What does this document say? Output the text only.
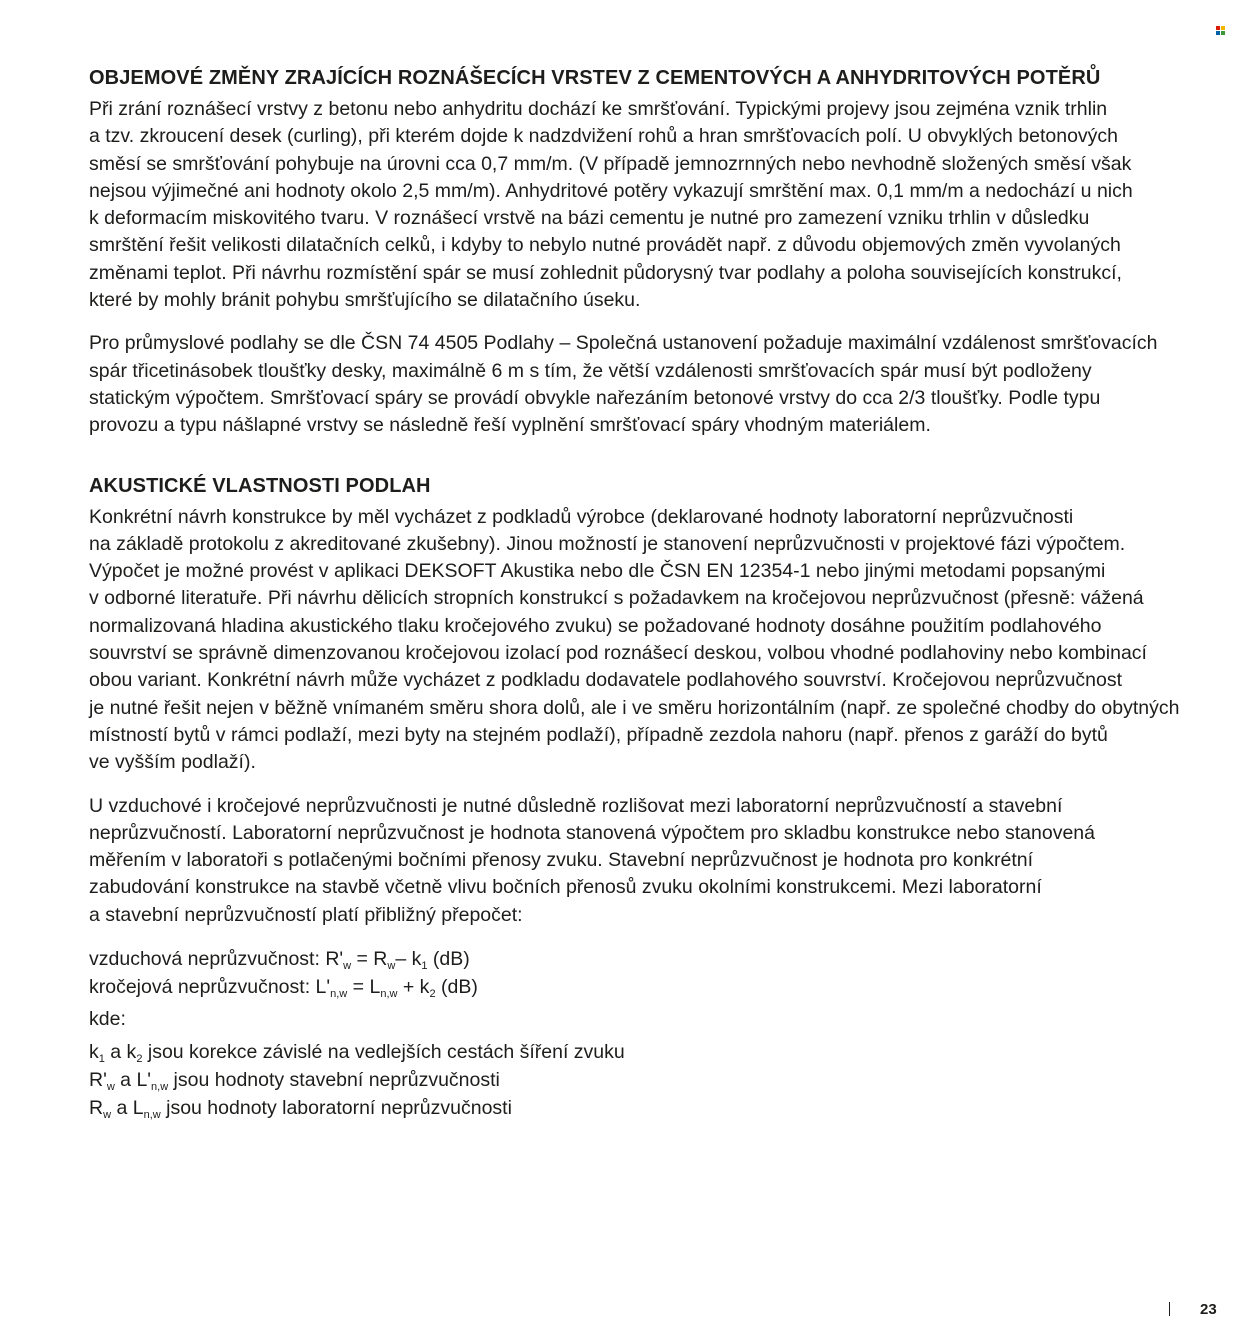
OBJEMOVÉ ZMĚNY ZRAJÍCÍCH ROZNÁŠECÍCH VRSTEV Z CEMENTOVÝCH A ANHYDRITOVÝCH POTĚRŮ

Při zrání roznášecí vrstvy z betonu nebo anhydritu dochází ke smršťování. Typickými projevy jsou zejména vznik trhlin
a tzv. zkroucení desek (curling), při kterém dojde k nadzdvižení rohů a hran smršťovacích polí. U obvyklých betonových
směsí se smršťování pohybuje na úrovni cca 0,7 mm/m. (V případě jemnozrnných nebo nevhodně složených směsí však
nejsou výjimečné ani hodnoty okolo 2,5 mm/m). Anhydritové potěry vykazují smrštění max. 0,1 mm/m a nedochází u nich
k deformacím miskovitého tvaru. V roznášecí vrstvě na bázi cementu je nutné pro zamezení vzniku trhlin v důsledku
smrštění řešit velikosti dilatačních celků, i kdyby to nebylo nutné provádět např. z důvodu objemových změn vyvolaných
změnami teplot. Při návrhu rozmístění spár se musí zohlednit půdorysný tvar podlahy a poloha souvisejících konstrukcí,
které by mohly bránit pohybu smršťujícího se dilatačního úseku.

Pro průmyslové podlahy se dle ČSN 74 4505 Podlahy – Společná ustanovení požaduje maximální vzdálenost smršťovacích
spár třicetinásobek tloušťky desky, maximálně 6 m s tím, že větší vzdálenosti smršťovacích spár musí být podloženy
statickým výpočtem. Smršťovací spáry se provádí obvykle nařezáním betonové vrstvy do cca 2/3 tloušťky. Podle typu
provozu a typu nášlapné vrstvy se následně řeší vyplnění smršťovací spáry vhodným materiálem.

AKUSTICKÉ VLASTNOSTI PODLAH

Konkrétní návrh konstrukce by měl vycházet z podkladů výrobce (deklarované hodnoty laboratorní neprůzvučnosti
na základě protokolu z akreditované zkušebny). Jinou možností je stanovení neprůzvučnosti v projektové fázi výpočtem.
Výpočet je možné provést v aplikaci DEKSOFT Akustika nebo dle ČSN EN 12354-1 nebo jinými metodami popsanými
v odborné literatuře. Při návrhu dělicích stropních konstrukcí s požadavkem na kročejovou neprůzvučnost (přesně: vážená
normalizovaná hladina akustického tlaku kročejového zvuku) se požadované hodnoty dosáhne použitím podlahového
souvrství se správně dimenzovanou kročejovou izolací pod roznášecí deskou, volbou vhodné podlahoviny nebo kombinací
obou variant. Konkrétní návrh může vycházet z podkladu dodavatele podlahového souvrství. Kročejovou neprůzvučnost
je nutné řešit nejen v běžně vnímaném směru shora dolů, ale i ve směru horizontálním (např. ze společné chodby do obytných
místností bytů v rámci podlaží, mezi byty na stejném podlaží), případně zezdola nahoru (např. přenos z garáží do bytů
ve vyšším podlaží).

U vzduchové i kročejové neprůzvučnosti je nutné důsledně rozlišovat mezi laboratorní neprůzvučností a stavební
neprůzvučností. Laboratorní neprůzvučnost je hodnota stanovená výpočtem pro skladbu konstrukce nebo stanovená
měřením v laboratoři s potlačenými bočními přenosy zvuku. Stavební neprůzvučnost je hodnota pro konkrétní
zabudování konstrukce na stavbě včetně vlivu bočních přenosů zvuku okolními konstrukcemi. Mezi laboratorní
a stavební neprůzvučností platí přibližný přepočet:

vzduchová neprůzvučnost: $R'_w = R_w-$ $k_1$ (dB)
kročejová neprůzvučnost: $L'_{n,w} = L_{n,w} + k_2$ (dB)
kde:
$k_1$ a $k_2$ jsou korekce závislé na vedlejších cestách šíření zvuku
$R'_w$ a $L'_{n,w}$ jsou hodnoty stavební neprůzvučnosti
$R_w$ a $L_{n,w}$ jsou hodnoty laboratorní neprůzvučnosti
23
